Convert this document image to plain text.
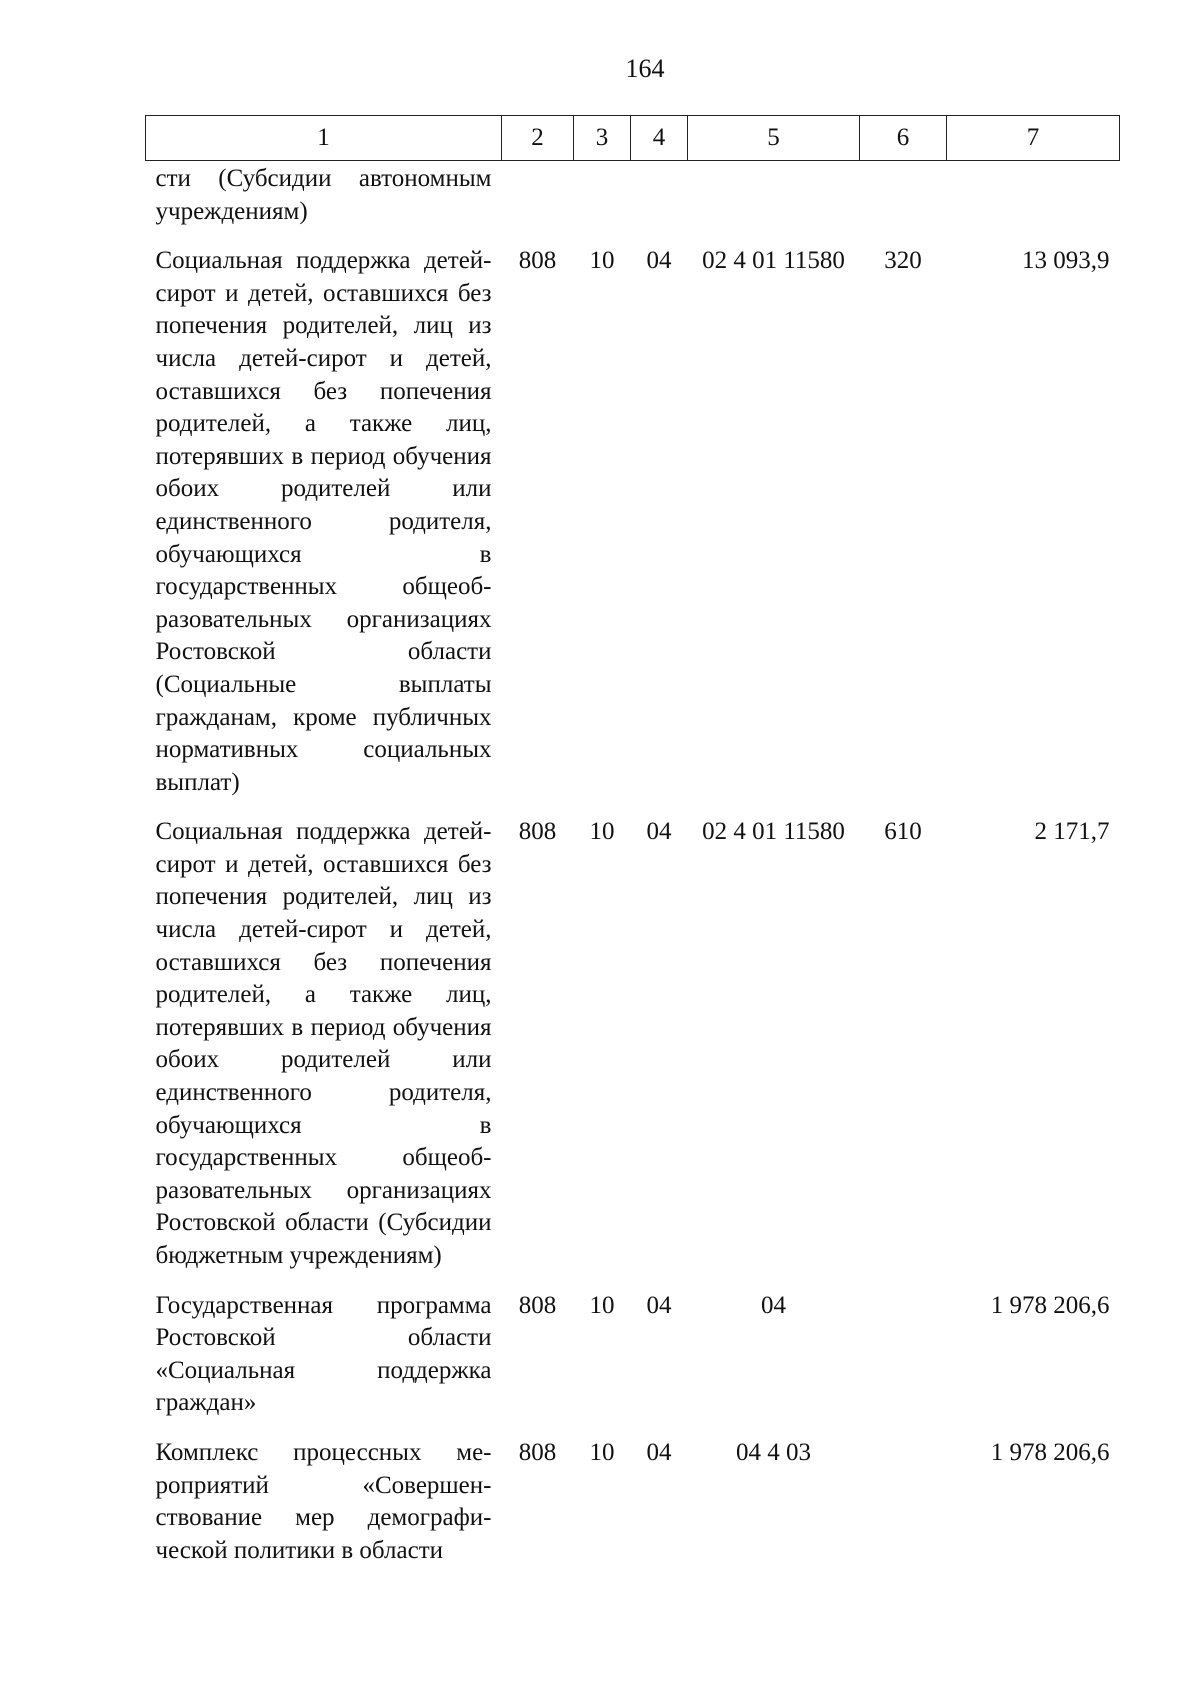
164
1	2	3	4	5	6	7
сти (Субсидии автономным учреждениям)						
Социальная поддержка детей-сирот и детей, оставшихся без попечения родителей, лиц из числа детей-сирот и детей, оставшихся без попечения родителей, а также лиц, потерявших в период обучения обоих родителей или единственного родителя, обучающихся в государственных общеобразовательных организациях Ростовской области (Социальные выплаты гражданам, кроме публичных нормативных социальных выплат)	808	10	04	02 4 01 11580	320	13 093,9
Социальная поддержка детей-сирот и детей, оставшихся без попечения родителей, лиц из числа детей-сирот и детей, оставшихся без попечения родителей, а также лиц, потерявших в период обучения обоих родителей или единственного родителя, обучающихся в государственных общеобразовательных организациях Ростовской области (Субсидии бюджетным учреждениям)	808	10	04	02 4 01 11580	610	2 171,7
Государственная программа Ростовской области «Социальная поддержка граждан»	808	10	04	04		1 978 206,6
Комплекс процессных мероприятий «Совершенствование мер демографической политики в области	808	10	04	04 4 03		1 978 206,6
